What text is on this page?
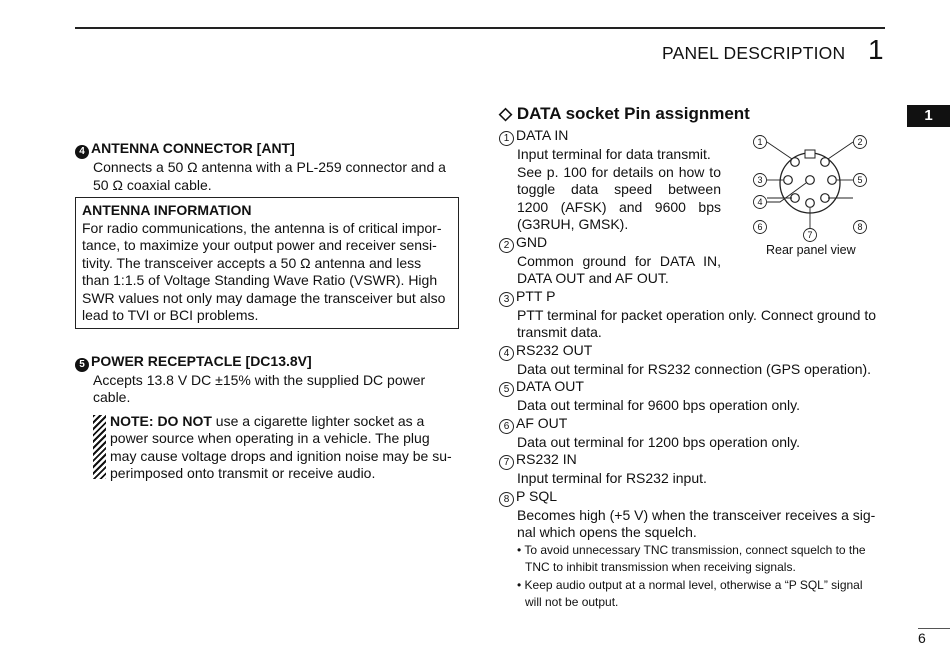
PANEL DESCRIPTION 1
1
4 ANTENNA CONNECTOR [ANT]
Connects a 50 Ω antenna with a PL-259 connector and a
50 Ω coaxial cable.
ANTENNA INFORMATION
For radio communications, the antenna is of critical impor-
tance, to maximize your output power and receiver sensi-
tivity. The transceiver accepts a 50 Ω antenna and less
than 1:1.5 of Voltage Standing Wave Ratio (VSWR). High
SWR values not only may damage the transceiver but also
lead to TVI or BCI problems.
5 POWER RECEPTACLE [DC13.8V]
Accepts 13.8 V DC ±15% with the supplied DC power
cable.
NOTE: DO NOT use a cigarette lighter socket as a
power source when operating in a vehicle. The plug
may cause voltage drops and ignition noise may be su-
perimposed onto transmit or receive audio.
◇ DATA socket Pin assignment
1	2
3
4
5
6
7
8
Rear panel view
1 DATA IN
Input terminal for data transmit.
See p. 100 for details on how to
toggle data speed between
1200 (AFSK) and 9600 bps
(G3RUH, GMSK).
2 GND
Common ground for DATA IN,
DATA OUT and AF OUT.
3 PTT P
PTT terminal for packet operation only. Connect ground to
transmit data.
4 RS232 OUT
Data out terminal for RS232 connection (GPS operation).
5 DATA OUT
Data out terminal for 9600 bps operation only.
6 AF OUT
Data out terminal for 1200 bps operation only.
7 RS232 IN
Input terminal for RS232 input.
8 P SQL
Becomes high (+5 V) when the transceiver receives a sig-
nal which opens the squelch.
• To avoid unnecessary TNC transmission, connect squelch to the
TNC to inhibit transmission when receiving signals.
• Keep audio output at a normal level, otherwise a “P SQL” signal
will not be output.
6
